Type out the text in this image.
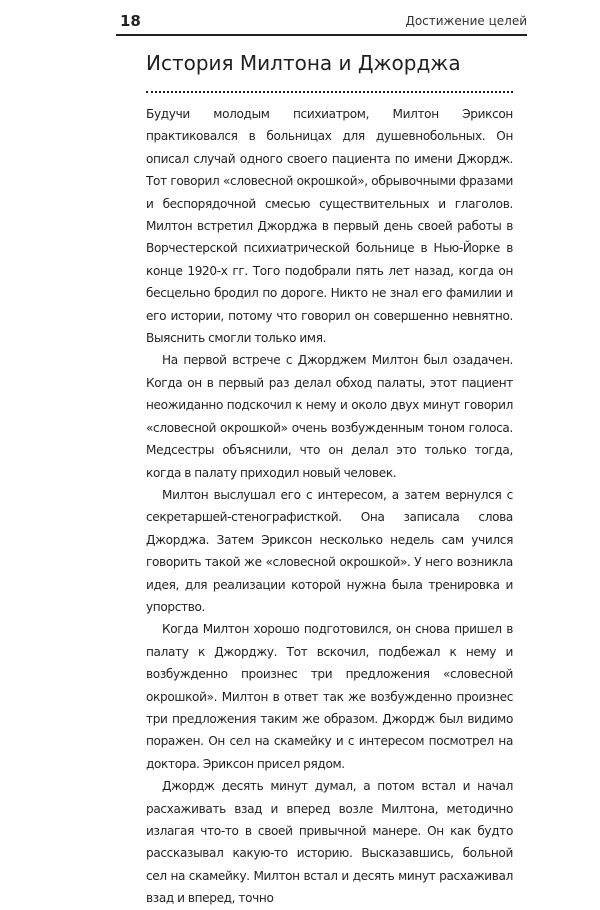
18	Достижение целей
История Милтона и Джорджа

Будучи молодым психиатром, Милтон Эриксон практиковался в больницах для душевнобольных. Он описал случай одного своего пациента по имени Джордж. Тот говорил «словесной окрошкой», обрывочными фразами и беспорядочной смесью существительных и глаголов. Милтон встретил Джорджа в первый день своей работы в Ворчестерской психиатрической больнице в Нью-Йорке в конце 1920-х гг. Того подобрали пять лет назад, когда он бесцельно бродил по дороге. Никто не знал его фамилии и его истории, потому что говорил он совершенно невнятно. Выяснить смогли только имя.

На первой встрече с Джорджем Милтон был озадачен. Когда он в первый раз делал обход палаты, этот пациент неожиданно подскочил к нему и около двух минут говорил «словесной окрошкой» очень возбужденным тоном голоса. Медсестры объяснили, что он делал это только тогда, когда в палату приходил новый человек.

Милтон выслушал его с интересом, а затем вернулся с секретаршей-стенографисткой. Она записала слова Джорджа. Затем Эриксон несколько недель сам учился говорить такой же «словесной окрошкой». У него возникла идея, для реализации которой нужна была тренировка и упорство.

Когда Милтон хорошо подготовился, он снова пришел в палату к Джорджу. Тот вскочил, подбежал к нему и возбужденно произнес три предложения «словесной окрошкой». Милтон в ответ так же возбужденно произнес три предложения таким же образом. Джордж был видимо поражен. Он сел на скамейку и с интересом посмотрел на доктора. Эриксон присел рядом.

Джордж десять минут думал, а потом встал и начал расхаживать взад и вперед возле Милтона, методично излагая что-то в своей привычной манере. Он как будто рассказывал какую-то историю. Высказавшись, больной сел на скамейку. Милтон встал и десять минут расхаживал взад и вперед, точно
